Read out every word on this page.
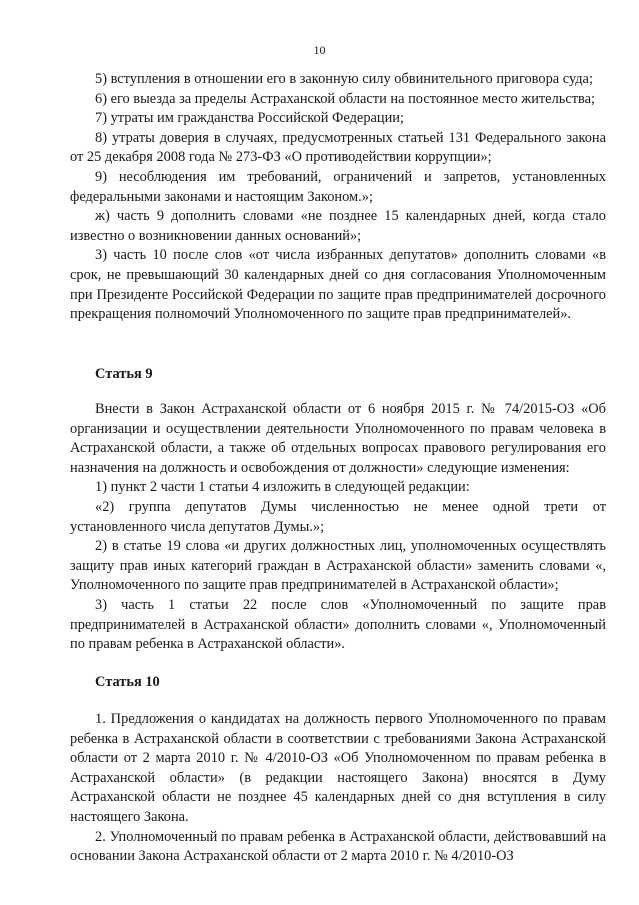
10

5) вступления в отношении его в законную силу обвинительного приговора суда;

6) его выезда за пределы Астраханской области на постоянное место жительства;

7) утраты им гражданства Российской Федерации;

8) утраты доверия в случаях, предусмотренных статьей 131 Федерального закона от 25 декабря 2008 года № 273-ФЗ «О противодействии коррупции»;

9) несоблюдения им требований, ограничений и запретов, установленных федеральными законами и настоящим Законом.»;

ж) часть 9 дополнить словами «не позднее 15 календарных дней, когда стало известно о возникновении данных оснований»;

3) часть 10 после слов «от числа избранных депутатов» дополнить словами «в срок, не превышающий 30 календарных дней со дня согласования Уполномоченным при Президенте Российской Федерации по защите прав предпринимателей досрочного прекращения полномочий Уполномоченного по защите прав предпринимателей».

Статья 9

Внести в Закон Астраханской области от 6 ноября 2015 г. № 74/2015-ОЗ «Об организации и осуществлении деятельности Уполномоченного по правам человека в Астраханской области, а также об отдельных вопросах правового регулирования его назначения на должность и освобождения от должности» следующие изменения:

1) пункт 2 части 1 статьи 4 изложить в следующей редакции:

«2) группа депутатов Думы численностью не менее одной трети от установленного числа депутатов Думы.»;

2) в статье 19 слова «и других должностных лиц, уполномоченных осуществлять защиту прав иных категорий граждан в Астраханской области» заменить словами «, Уполномоченного по защите прав предпринимателей в Астраханской области»;

3) часть 1 статьи 22 после слов «Уполномоченный по защите прав предпринимателей в Астраханской области» дополнить словами «, Уполномоченный по правам ребенка в Астраханской области».

Статья 10

1. Предложения о кандидатах на должность первого Уполномоченного по правам ребенка в Астраханской области в соответствии с требованиями Закона Астраханской области от 2 марта 2010 г. № 4/2010-ОЗ «Об Уполномоченном по правам ребенка в Астраханской области» (в редакции настоящего Закона) вносятся в Думу Астраханской области не позднее 45 календарных дней со дня вступления в силу настоящего Закона.

2. Уполномоченный по правам ребенка в Астраханской области, действовавший на основании Закона Астраханской области от 2 марта 2010 г. № 4/2010-ОЗ
